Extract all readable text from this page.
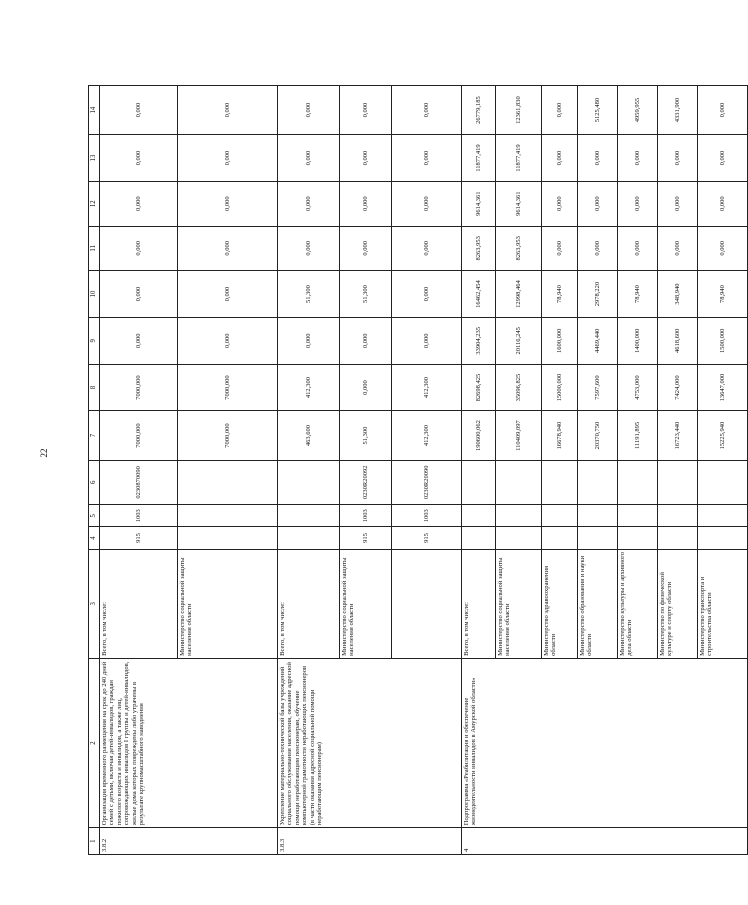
22
1	2	3	4	5	6	7	8	9	10	11	12	13	14
3.8.2	Организация временного размещения на срок до 240 дней семей с детьми, включая детей-инвалидов, граждан пожилого возраста и инвалидов, а также лиц, сопровождающих инвалидов I группы и детей-инвалидов, жилые дома которых повреждены либо утрачены в результате крупномасштабного наводнения	Всего, в том числе:	915	1003	0230870090	7000,000	7000,000	0,000	0,000	0,000	0,000	0,000	0,000
		Министерство социальной защиты населения области				7000,000	7000,000	0,000	0,000	0,000	0,000	0,000	0,000
3.8.3	Укрепление материально-технической базы учреждений социального обслуживания населения, оказание адресной помощи неработающим пенсионерам, обучение компьютерной грамотности неработающих пенсионеров (в части оказания адресной социальной помощи неработающим пенсионерам)	Всего, в том числе:				463,600	412,300	0,000	51,300	0,000	0,000	0,000	0,000
		Министерство социальной защиты населения области	915	1003	0230R20092	51,300	0,000	0,000	51,300	0,000	0,000	0,000	0,000
			915	1003	0230R20090	412,300	412,300	0,000	0,000	0,000	0,000	0,000	0,000
4	Подпрограмма «Реабилитация и обеспечение жизнедеятельности инвалидов в Амурской области»	Всего, в том числе:				190600,062	82698,425	33904,235	16462,454	8263,953	9614,361	11877,419	26779,185
		Министерство социальной защиты населения области				110409,097	35096,825	20116,245	12998,464	8263,953	9614,361	11877,419	12361,830
		Министерство здравоохранения области				16678,940	15000,000	1600,000	78,940	0,000	0,000	0,000	0,000
		Министерство образования и науки области				20370,750	7597,600	4469,440	2978,220	0,000	0,000	0,000	5125,480
		Министерство культуры и архивного дела области				11191,895	4753,000	1400,000	78,940	0,000	0,000	0,000	4959,955
		Министерство по физической культуре и спорту области				16723,440	7424,000	4618,600	348,940	0,000	0,000	0,000	4331,900
		Министерство транспорта и строительства области				15225,940	13647,000	1500,000	78,940	0,000	0,000	0,000	0,000
